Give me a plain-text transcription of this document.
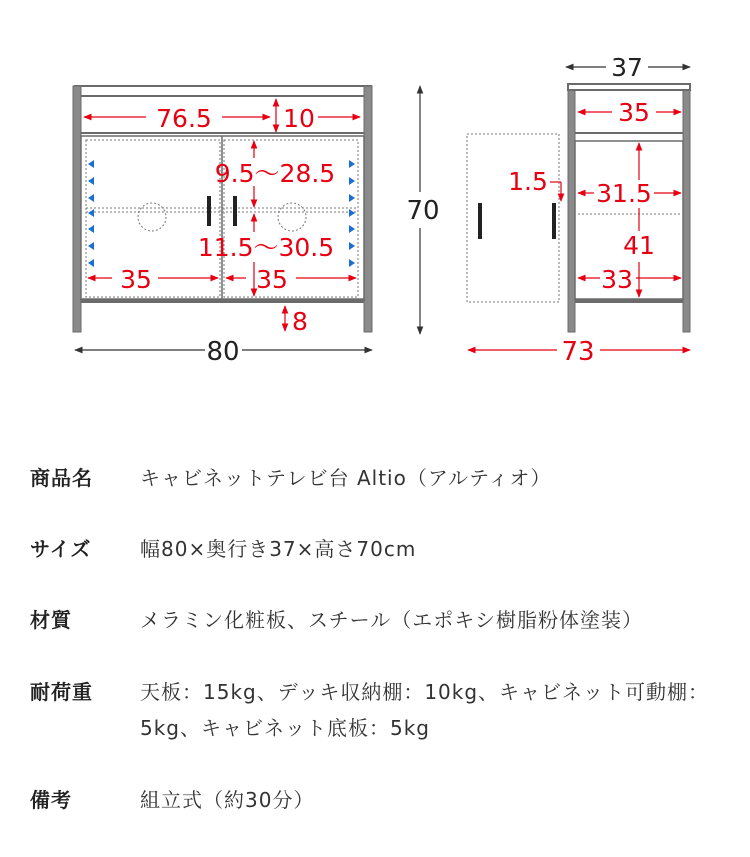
76.5	10
9.5～28.5
11.5～30.5
35	35
8
80
70
37
35
1.5 31.5
41
33
73
商品名	キャビネットテレビ台 Altio（アルティオ）
サイズ	幅80×奥行き37×高さ70cm
材質	メラミン化粧板、スチール（エポキシ樹脂粉体塗装）
耐荷重	天板：15kg、デッキ収納棚：10kg、キャビネット可動棚：5kg、キャビネット底板：5kg
備考	組立式（約30分）
